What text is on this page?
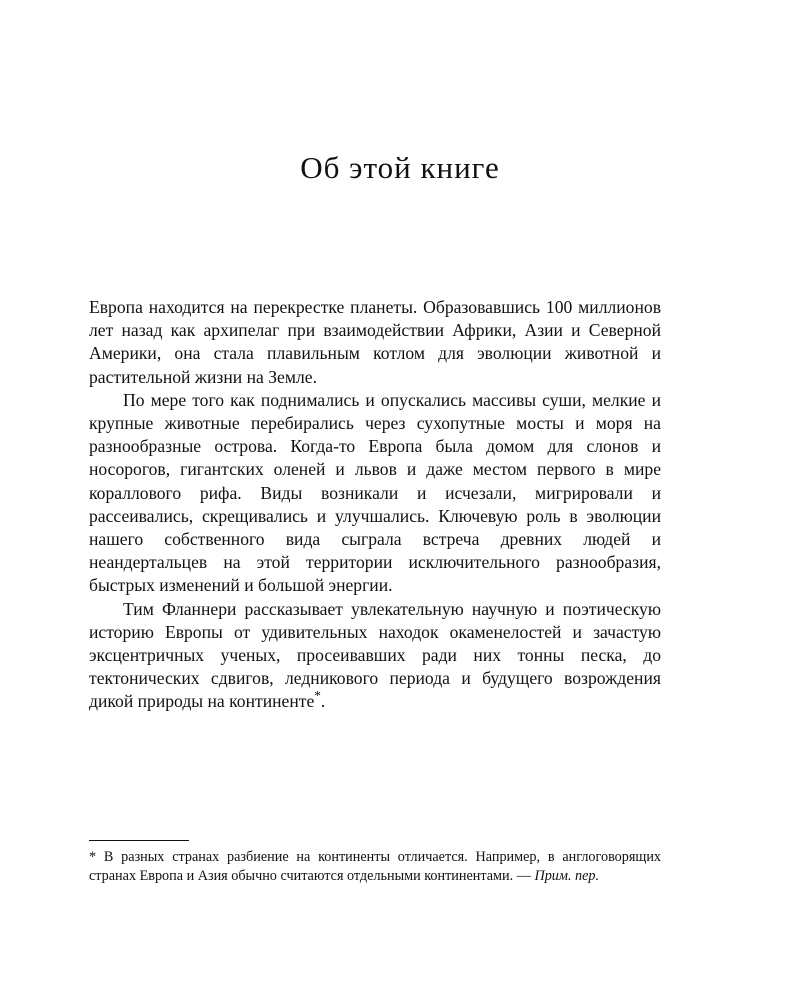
Об этой книге

Европа находится на перекрестке планеты. Образовавшись 100 миллионов лет назад как архипелаг при взаимодействии Африки, Азии и Северной Америки, она стала плавильным котлом для эволюции животной и растительной жизни на Земле.

По мере того как поднимались и опускались массивы суши, мелкие и крупные животные перебирались через сухопутные мосты и моря на разнообразные острова. Когда-то Европа была домом для слонов и носорогов, гигантских оленей и львов и даже местом первого в мире кораллового рифа. Виды возникали и исчезали, мигрировали и рассеивались, скрещивались и улучшались. Ключевую роль в эволюции нашего собственного вида сыграла встреча древних людей и неандертальцев на этой территории исключительного разнообразия, быстрых изменений и большой энергии.

Тим Фланнери рассказывает увлекательную научную и поэтическую историю Европы от удивительных находок окаменелостей и зачастую эксцентричных ученых, просеивавших ради них тонны песка, до тектонических сдвигов, ледникового периода и будущего возрождения дикой природы на континенте*.

* В разных странах разбиение на континенты отличается. Например, в англоговорящих странах Европа и Азия обычно считаются отдельными континентами. — Прим. пер.
